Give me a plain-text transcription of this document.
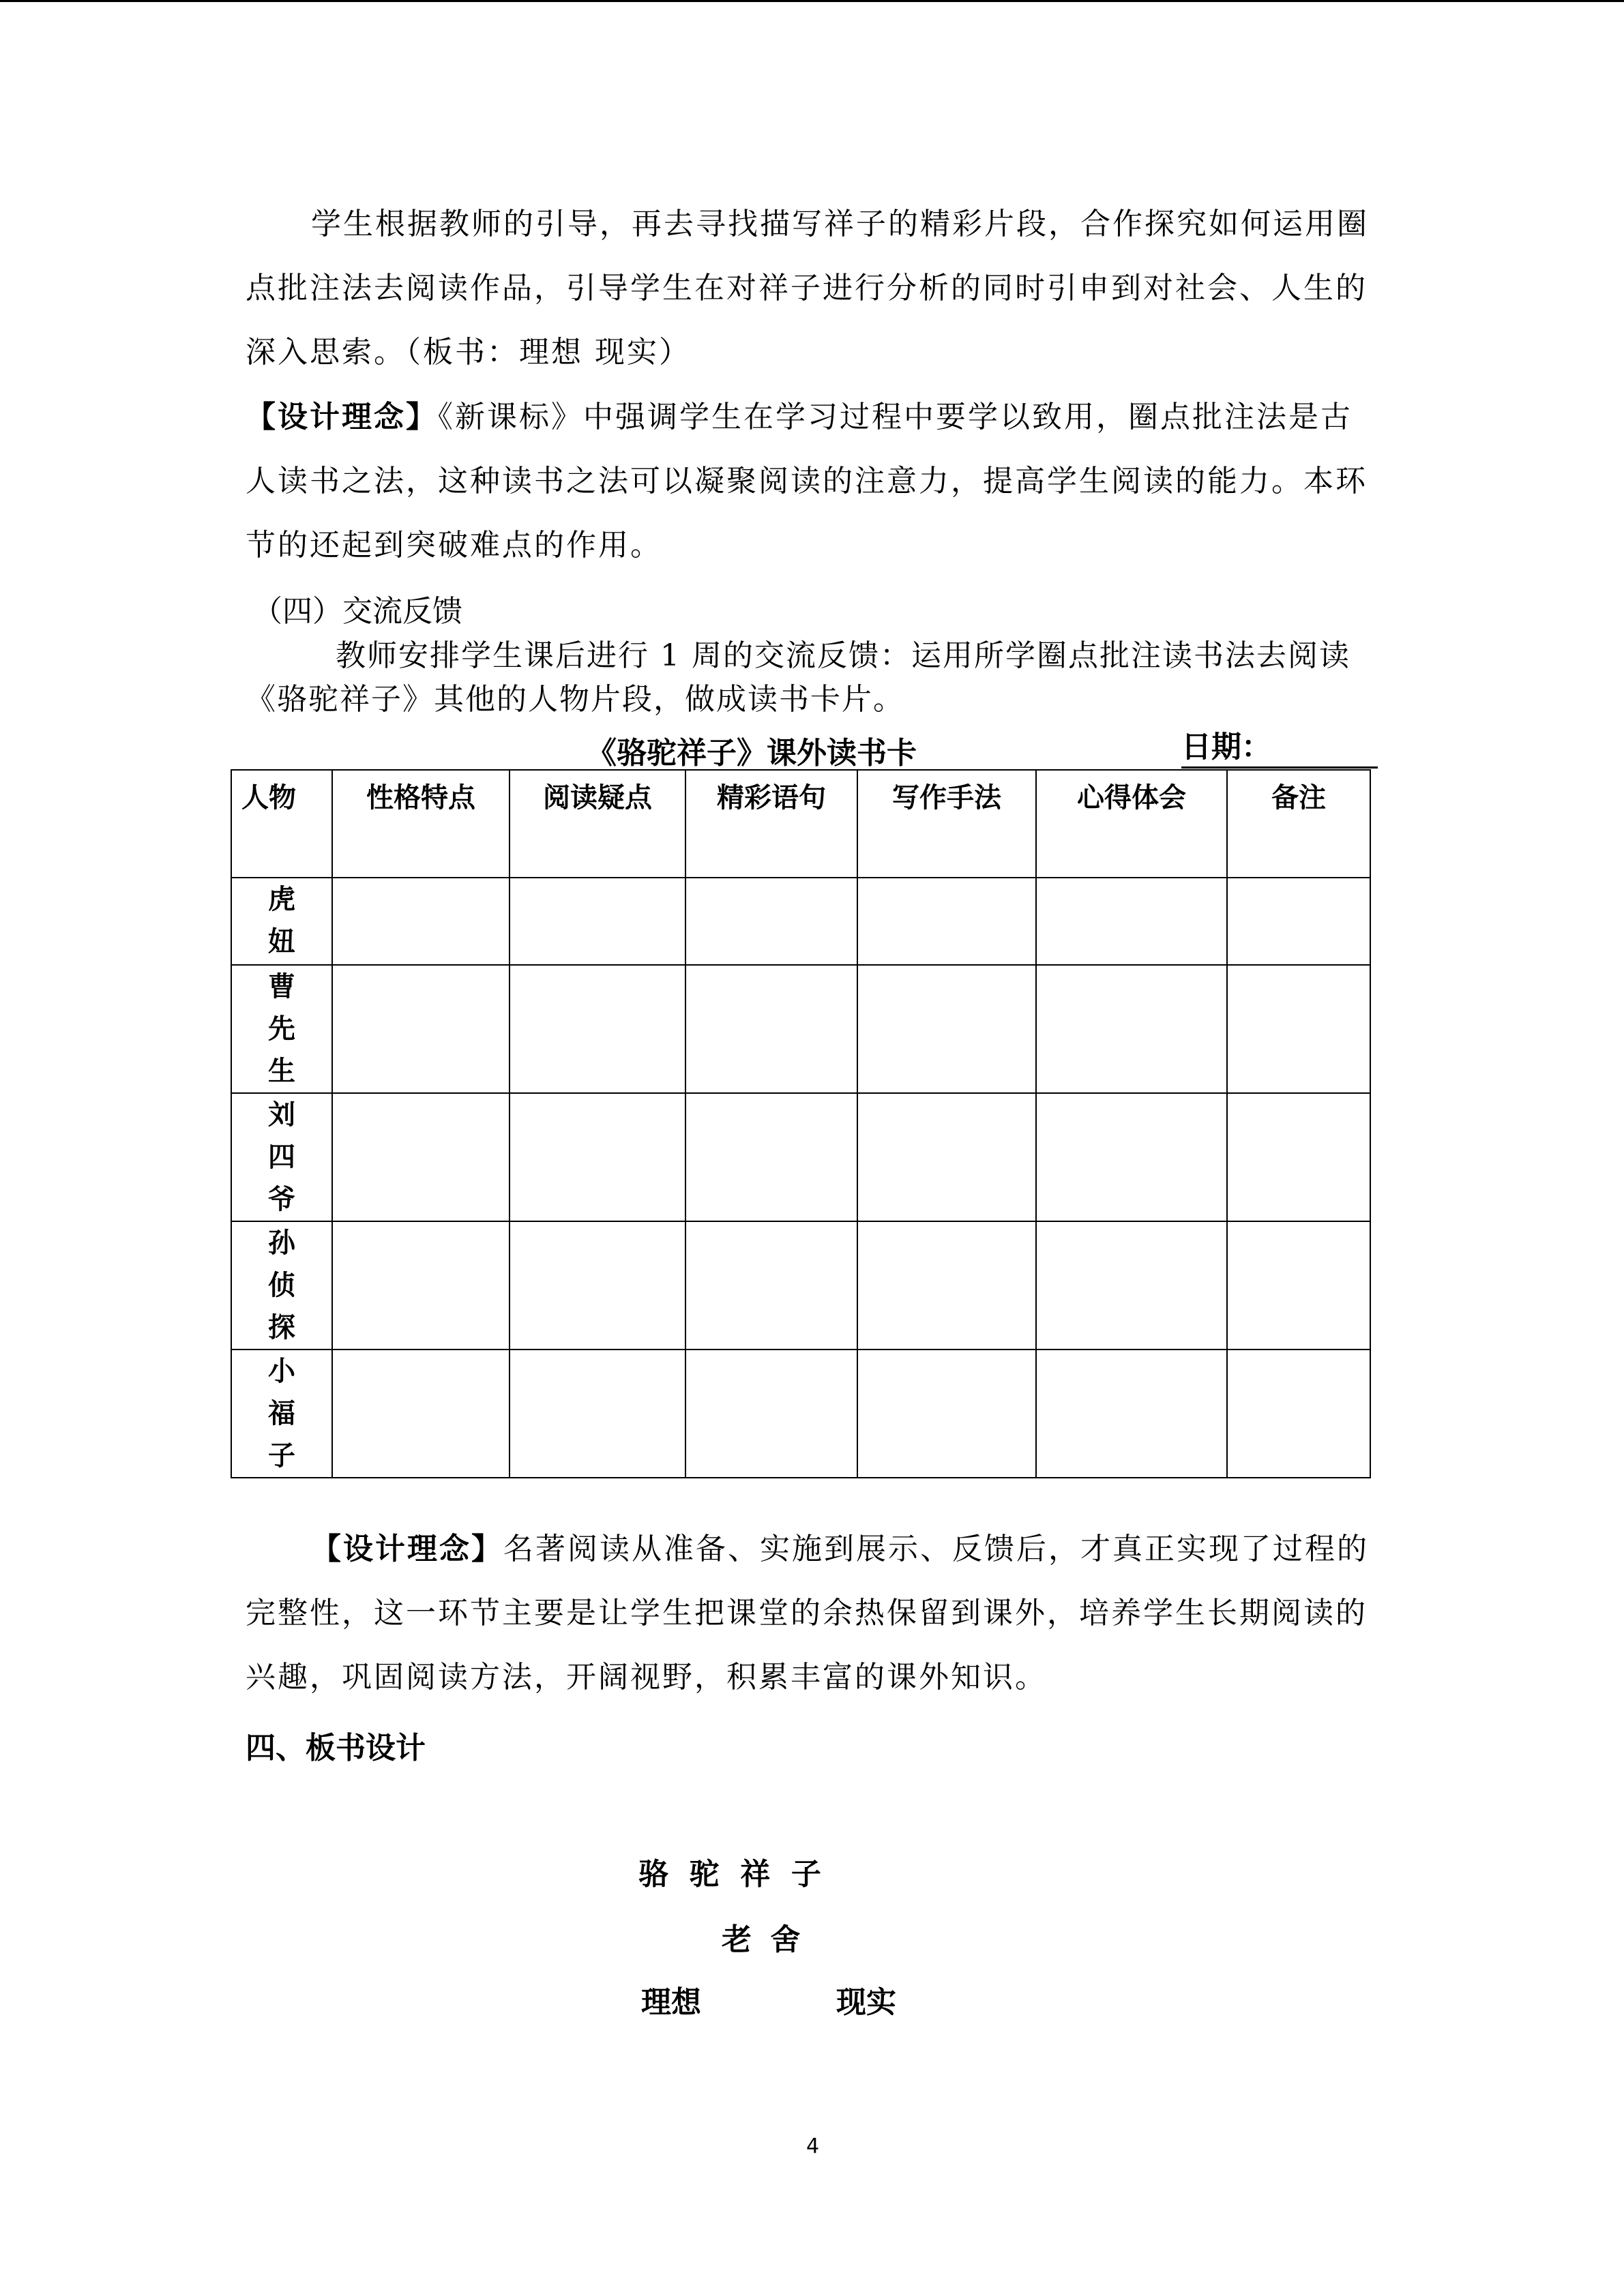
学生根据教师的引导，再去寻找描写祥子的精彩片段，合作探究如何运用圈点批注法去阅读作品，引导学生在对祥子进行分析的同时引申到对社会、人生的深入思索。（板书：理想 现实）

【设计理念】《新课标》中强调学生在学习过程中要学以致用，圈点批注法是古人读书之法，这种读书之法可以凝聚阅读的注意力，提高学生阅读的能力。本环节的还起到突破难点的作用。

（四）交流反馈

教师安排学生课后进行 1 周的交流反馈：运用所学圈点批注读书法去阅读《骆驼祥子》其他的人物片段，做成读书卡片。

《骆驼祥子》课外读书卡	日期：

人物	性格特点	阅读疑点	精彩语句	写作手法	心得体会	备注

虎
妞						

曹
先
生						

刘
四
爷						

孙
侦
探						

小
福
子						

【设计理念】名著阅读从准备、实施到展示、反馈后，才真正实现了过程的完整性，这一环节主要是让学生把课堂的余热保留到课外，培养学生长期阅读的兴趣，巩固阅读方法，开阔视野，积累丰富的课外知识。

四、板书设计

骆  驼  祥  子

老 舍

理想	现实

4
